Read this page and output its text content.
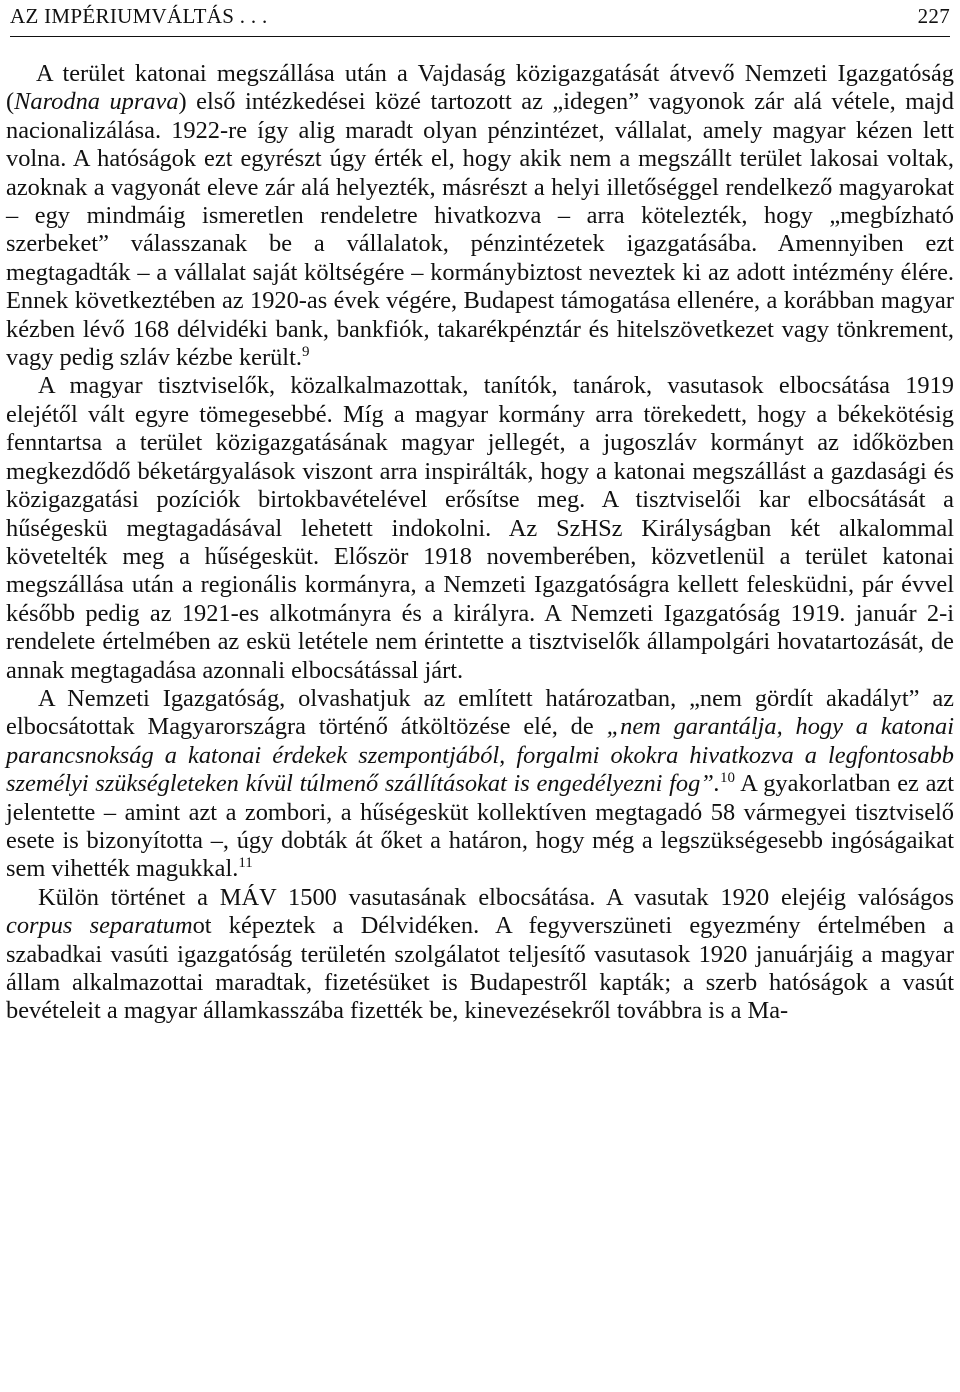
AZ IMPÉRIUMVÁLTÁS . . .	227

A terület katonai megszállása után a Vajdaság közigazgatását átvevő Nemzeti Igazgatóság (Narodna uprava) első intézkedései közé tartozott az „idegen” vagyonok zár alá vétele, majd nacionalizálása. 1922-re így alig maradt olyan pénzintézet, vállalat, amely magyar kézen lett volna. A hatóságok ezt egyrészt úgy érték el, hogy akik nem a megszállt terület lakosai voltak, azoknak a vagyonát eleve zár alá helyezték, másrészt a helyi illetőséggel rendelkező magyarokat – egy mindmáig ismeretlen rendeletre hivatkozva – arra kötelezték, hogy „megbízható szerbeket” válasszanak be a vállalatok, pénzintézetek igazgatásába. Amennyiben ezt megtagadták – a vállalat saját költségére – kormánybiztost neveztek ki az adott intézmény élére. Ennek következtében az 1920-as évek végére, Budapest támogatása ellenére, a korábban magyar kézben lévő 168 délvidéki bank, bankfiók, takarékpénztár és hitelszövetkezet vagy tönkrement, vagy pedig szláv kézbe került.$^9$

A magyar tisztviselők, közalkalmazottak, tanítók, tanárok, vasutasok elbocsátása 1919 elejétől vált egyre tömegesebbé. Míg a magyar kormány arra törekedett, hogy a békekötésig fenntartsa a terület közigazgatásának magyar jellegét, a jugoszláv kormányt az időközben megkezdődő béketárgyalások viszont arra inspirálták, hogy a katonai megszállást a gazdasági és közigazgatási pozíciók birtokbavételével erősítse meg. A tisztviselői kar elbocsátását a hűségeskü megtagadásával lehetett indokolni. Az SzHSz Királyságban két alkalommal követelték meg a hűségesküt. Először 1918 novemberében, közvetlenül a terület katonai megszállása után a regionális kormányra, a Nemzeti Igazgatóságra kellett felesküdni, pár évvel később pedig az 1921-es alkotmányra és a királyra. A Nemzeti Igazgatóság 1919. január 2-i rendelete értelmében az eskü letétele nem érintette a tisztviselők állampolgári hovatartozását, de annak megtagadása azonnali elbocsátással járt.

A Nemzeti Igazgatóság, olvashatjuk az említett határozatban, „nem gördít akadályt” az elbocsátottak Magyarországra történő átköltözése elé, de „nem garantálja, hogy a katonai parancsnokság a katonai érdekek szempontjából, forgalmi okokra hivatkozva a legfontosabb személyi szükségleteken kívül túlmenő szállításokat is engedélyezni fog”.$^{10}$ A gyakorlatban ez azt jelentette – amint azt a zombori, a hűségesküt kollektíven megtagadó 58 vármegyei tisztviselő esete is bizonyította –, úgy dobták át őket a határon, hogy még a legszükségesebb ingóságaikat sem vihették magukkal.$^{11}$

Külön történet a MÁV 1500 vasutasának elbocsátása. A vasutak 1920 elejéig valóságos corpus separatumot képeztek a Délvidéken. A fegyverszüneti egyezmény értelmében a szabadkai vasúti igazgatóság területén szolgálatot teljesítő vasutasok 1920 januárjáig a magyar állam alkalmazottai maradtak, fizetésüket is Budapestről kapták; a szerb hatóságok a vasút bevételeit a magyar államkasszába fizették be, kinevezésekről továbbra is a Ma-
